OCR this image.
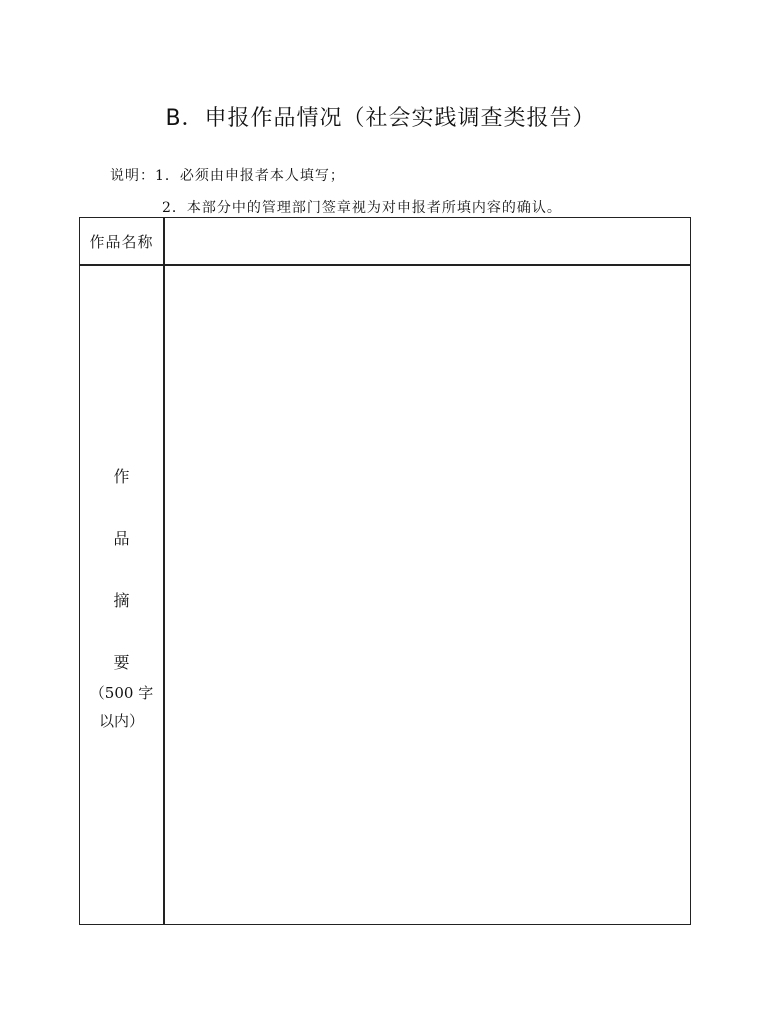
B．申报作品情况（社会实践调查类报告）
说明：1．必须由申报者本人填写；
2．本部分中的管理部门签章视为对申报者所填内容的确认。
作品名称
作
品
摘
要
（500 字
以内）
